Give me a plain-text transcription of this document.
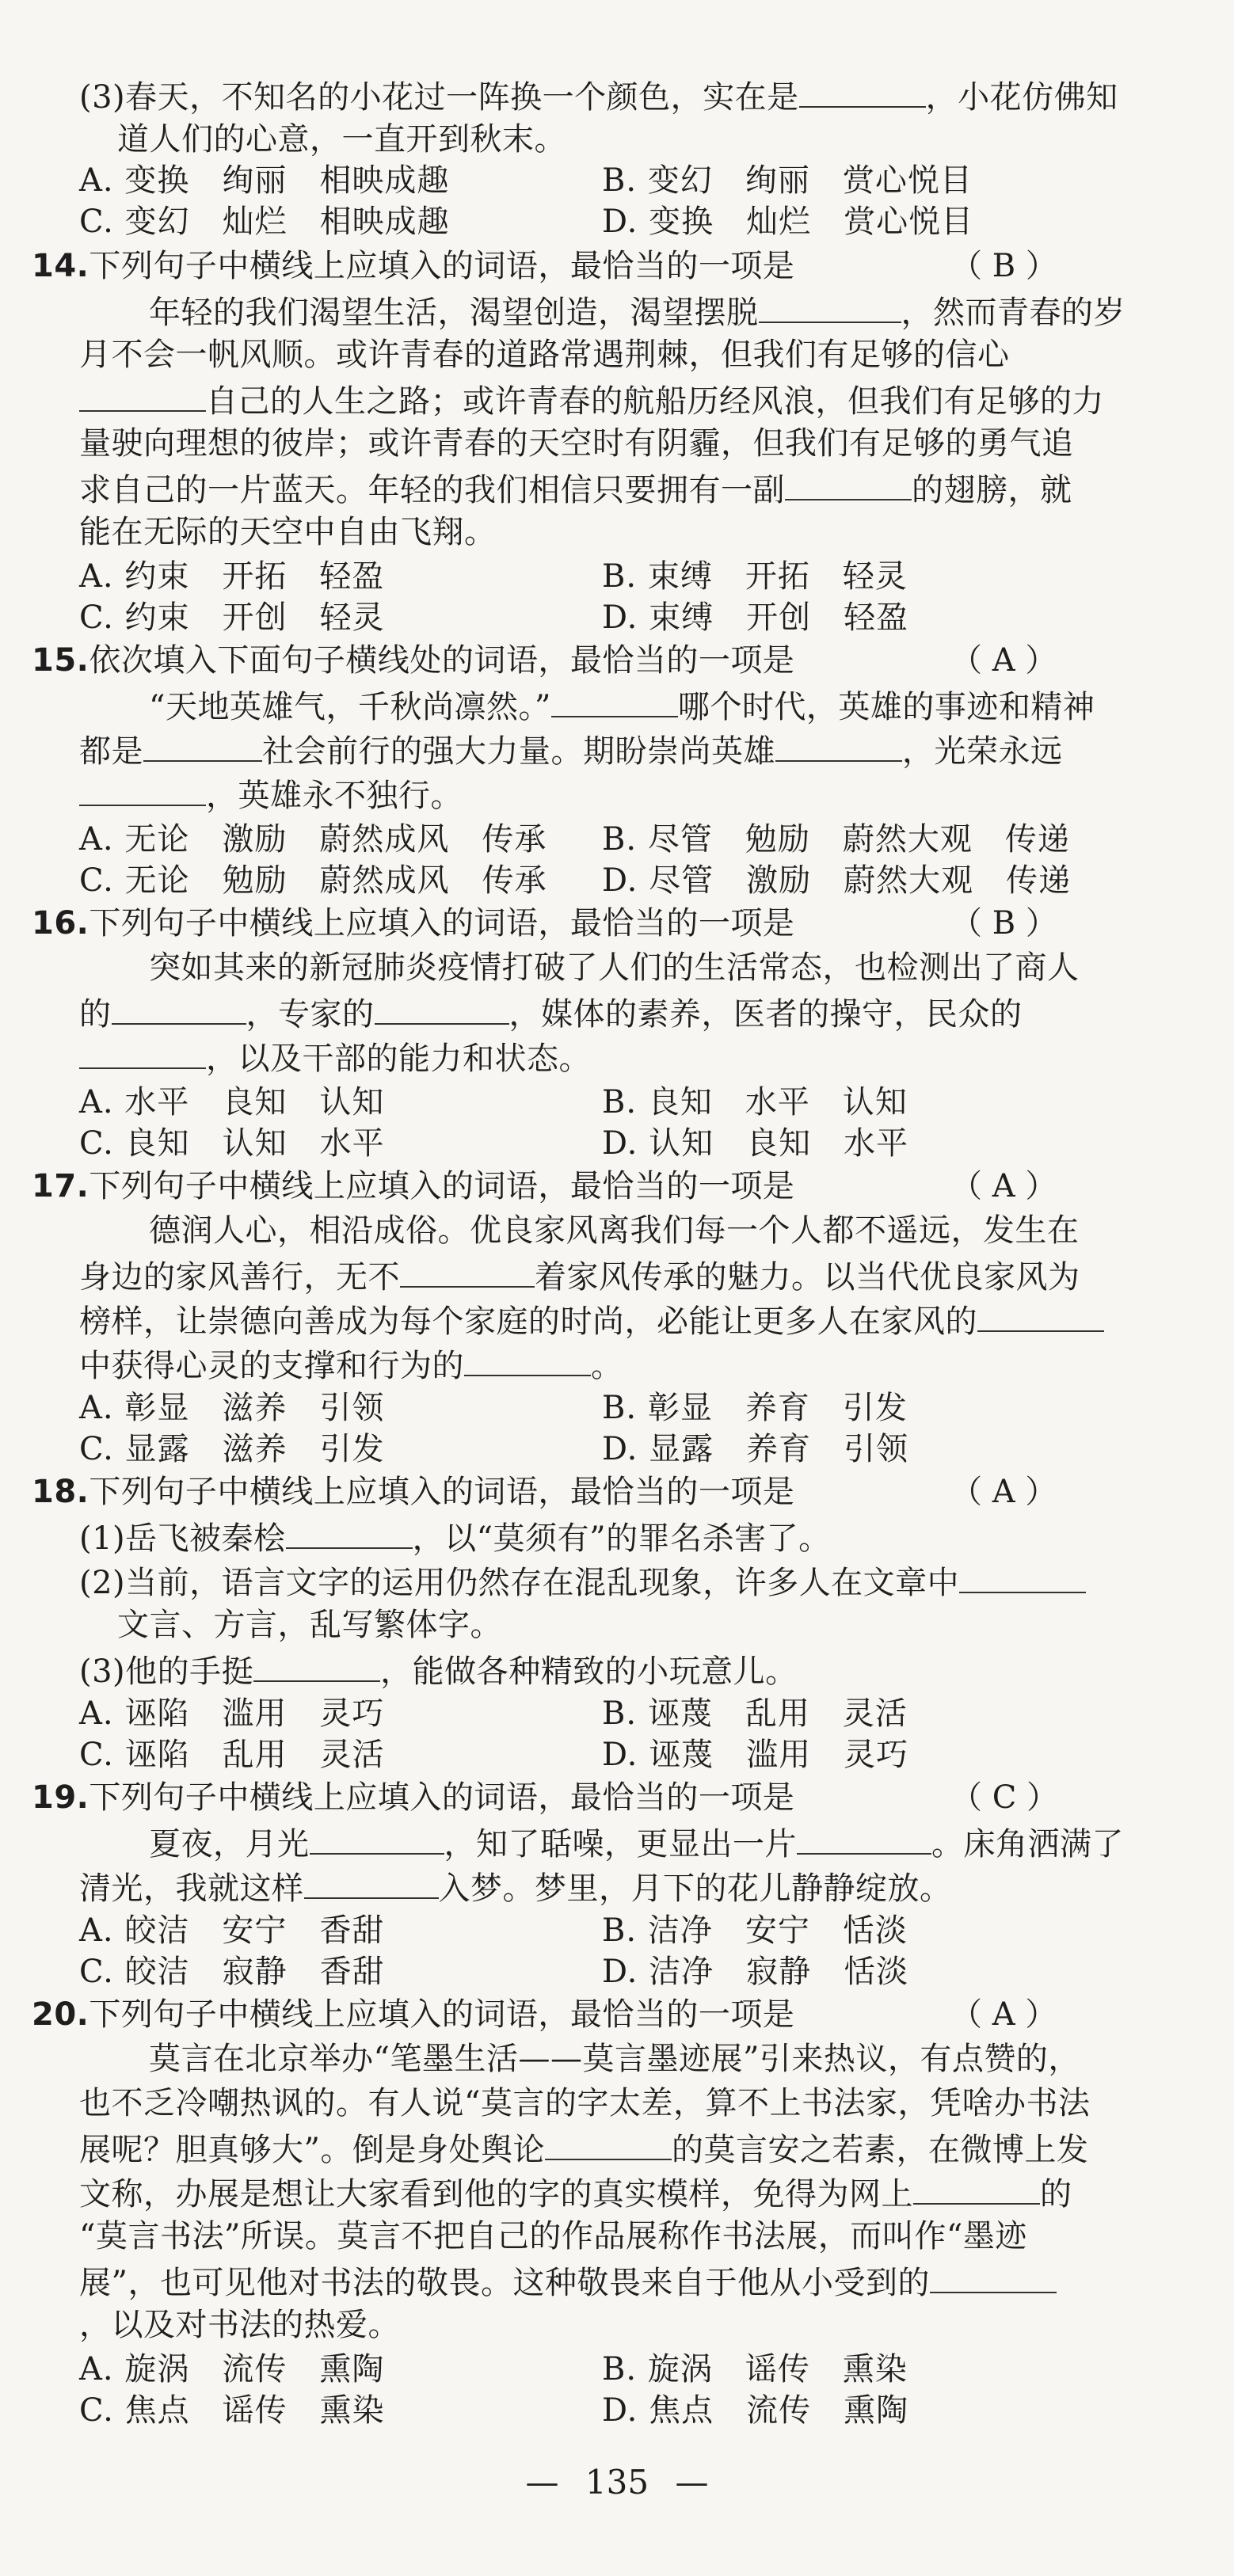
(3)春天，不知名的小花过一阵换一个颜色，实在是	，小花仿佛知
道人们的心意，一直开到秋末。
A. 变换　绚丽　相映成趣	B. 变幻　绚丽　赏心悦目
C. 变幻　灿烂　相映成趣	D. 变换　灿烂　赏心悦目
14.下列句子中横线上应填入的词语，最恰当的一项是	（ B ）
年轻的我们渴望生活，渴望创造，渴望摆脱	，然而青春的岁
月不会一帆风顺。或许青春的道路常遇荆棘，但我们有足够的信心
自己的人生之路；或许青春的航船历经风浪，但我们有足够的力
量驶向理想的彼岸；或许青春的天空时有阴霾，但我们有足够的勇气追
求自己的一片蓝天。年轻的我们相信只要拥有一副	的翅膀，就
能在无际的天空中自由飞翔。
A. 约束　开拓　轻盈	B. 束缚　开拓　轻灵
C. 约束　开创　轻灵	D. 束缚　开创　轻盈
15.依次填入下面句子横线处的词语，最恰当的一项是	（ A ）
“天地英雄气，千秋尚凛然。”	哪个时代，英雄的事迹和精神
都是	社会前行的强大力量。期盼崇尚英雄	，光荣永远
，英雄永不独行。
A. 无论　激励　蔚然成风　传承 B. 尽管　勉励　蔚然大观　传递
C. 无论　勉励　蔚然成风　传承 D. 尽管　激励　蔚然大观　传递
16.下列句子中横线上应填入的词语，最恰当的一项是	（ B ）
突如其来的新冠肺炎疫情打破了人们的生活常态，也检测出了商人
的	，专家的	，媒体的素养，医者的操守，民众的
，以及干部的能力和状态。
A. 水平　良知　认知	B. 良知　水平　认知
C. 良知　认知　水平	D. 认知　良知　水平
17.下列句子中横线上应填入的词语，最恰当的一项是	（ A ）
德润人心，相沿成俗。优良家风离我们每一个人都不遥远，发生在
身边的家风善行，无不	着家风传承的魅力。以当代优良家风为
榜样，让崇德向善成为每个家庭的时尚，必能让更多人在家风的
中获得心灵的支撑和行为的	。
A. 彰显　滋养　引领	B. 彰显　养育　引发
C. 显露　滋养　引发	D. 显露　养育　引领
18.下列句子中横线上应填入的词语，最恰当的一项是	（ A ）
(1)岳飞被秦桧	，以“莫须有”的罪名杀害了。
(2)当前，语言文字的运用仍然存在混乱现象，许多人在文章中
文言、方言，乱写繁体字。
(3)他的手挺	，能做各种精致的小玩意儿。
A. 诬陷　滥用　灵巧	B. 诬蔑　乱用　灵活
C. 诬陷　乱用　灵活	D. 诬蔑　滥用　灵巧
19.下列句子中横线上应填入的词语，最恰当的一项是	（ C ）
夏夜，月光	，知了聒噪，更显出一片	。床角洒满了
清光，我就这样	入梦。梦里，月下的花儿静静绽放。
A. 皎洁　安宁　香甜	B. 洁净　安宁　恬淡
C. 皎洁　寂静　香甜	D. 洁净　寂静　恬淡
20.下列句子中横线上应填入的词语，最恰当的一项是	（ A ）
莫言在北京举办“笔墨生活——莫言墨迹展”引来热议，有点赞的，
也不乏冷嘲热讽的。有人说“莫言的字太差，算不上书法家，凭啥办书法
展呢？胆真够大”。倒是身处舆论	的莫言安之若素，在微博上发
文称，办展是想让大家看到他的字的真实模样，免得为网上	的
“莫言书法”所误。莫言不把自己的作品展称作书法展，而叫作“墨迹
展”，也可见他对书法的敬畏。这种敬畏来自于他从小受到的
，以及对书法的热爱。
A. 旋涡　流传　熏陶	B. 旋涡　谣传　熏染
C. 焦点　谣传　熏染	D. 焦点　流传　熏陶
— 135 —
